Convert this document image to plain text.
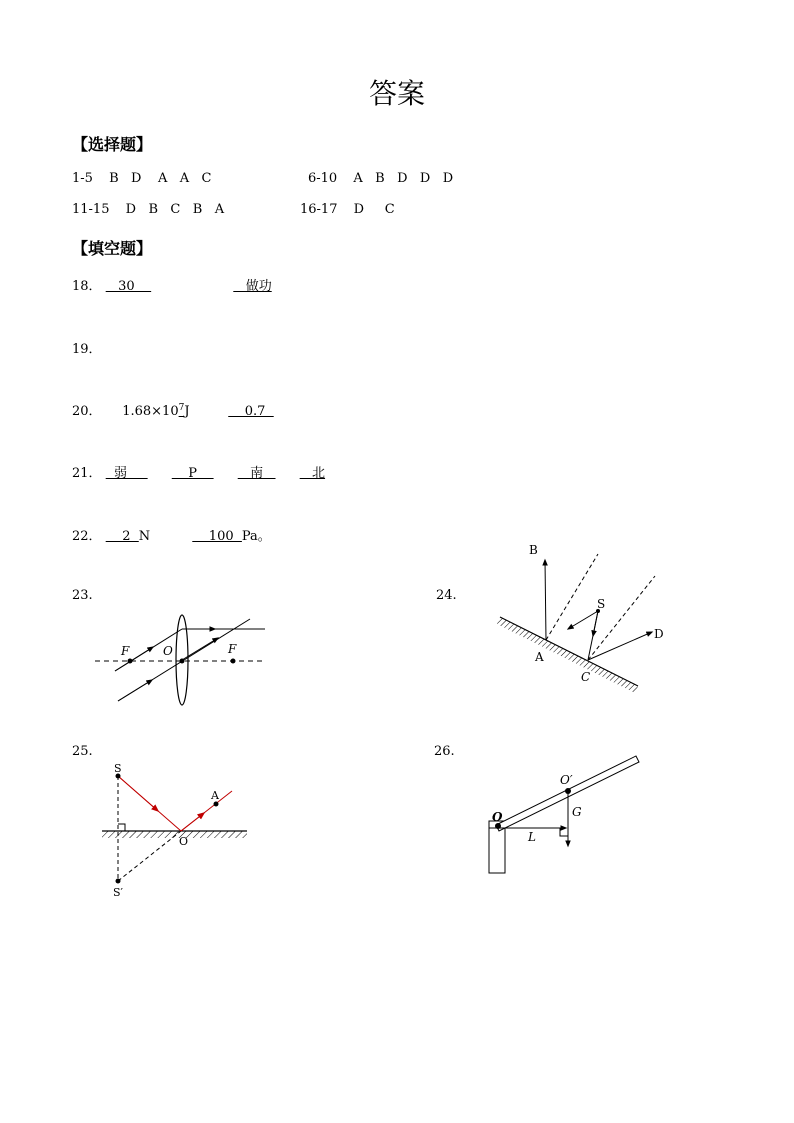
答案
【选择题】
1-5 B   D    A   A   C	6-10 A   B   D   D   D
11-15 D   B   C   B   A	16-17 D     C
【填空题】
18．    30	做功
19．
20．     $1.68\times 10^7J$         0.7
21．   弱          P        南       北
22．     2  N	100  Pa。
23.	24.
25.	26.
F	O	F
B
S
D
A
C
S
A
O
S′
O′
G
O
L
